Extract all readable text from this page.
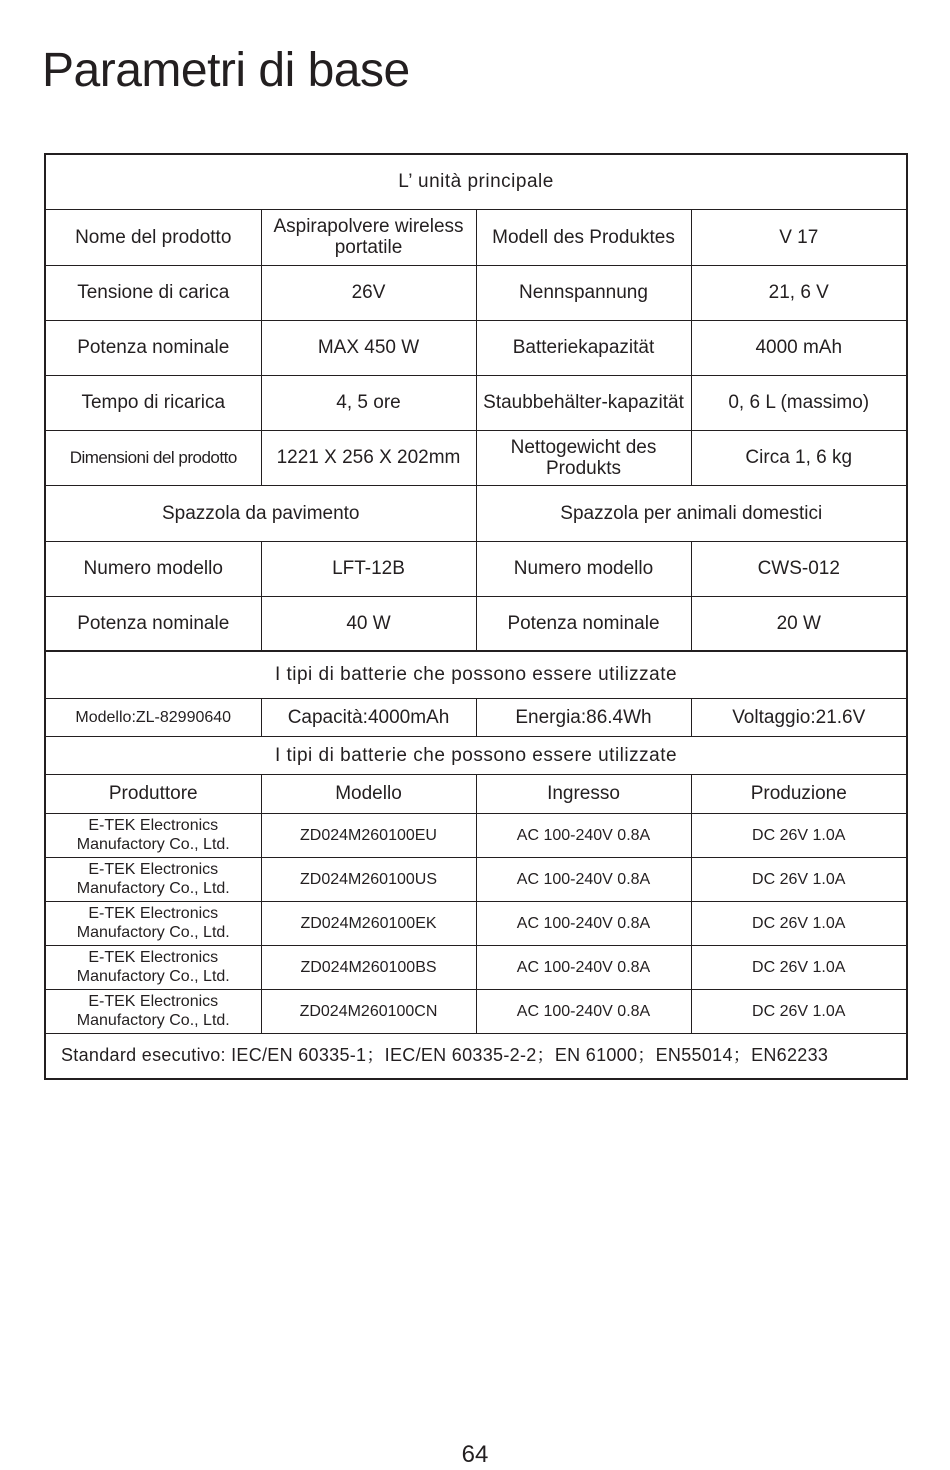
Parametri di base
L’ unità principale			
Nome del prodotto	Aspirapolvere wireless portatile	Modell des Produktes	V 17
Tensione di carica	26V	Nennspannung	21, 6 V
Potenza nominale	MAX 450 W	Batteriekapazität	4000 mAh
Tempo di ricarica	4, 5 ore	Staubbehälter-kapazität	0, 6 L (massimo)
Dimensioni del prodotto	1221 X 256 X 202mm	Nettogewicht des Produkts	Circa 1, 6 kg
Spazzola da pavimento		Spazzola per animali domestici	
Numero modello	LFT-12B	Numero modello	CWS-012
Potenza nominale	40 W	Potenza nominale	20 W
I tipi di batterie che possono essere utilizzate			
Modello:ZL-82990640	Capacità:4000mAh	Energia:86.4Wh	Voltaggio:21.6V
I tipi di batterie che possono essere utilizzate			
Produttore	Modello	Ingresso	Produzione
E-TEK Electronics Manufactory Co., Ltd.	ZD024M260100EU	AC 100-240V 0.8A	DC 26V 1.0A
E-TEK Electronics Manufactory Co., Ltd.	ZD024M260100US	AC 100-240V 0.8A	DC 26V 1.0A
E-TEK Electronics Manufactory Co., Ltd.	ZD024M260100EK	AC 100-240V 0.8A	DC 26V 1.0A
E-TEK Electronics Manufactory Co., Ltd.	ZD024M260100BS	AC 100-240V 0.8A	DC 26V 1.0A
E-TEK Electronics Manufactory Co., Ltd.	ZD024M260100CN	AC 100-240V 0.8A	DC 26V 1.0A
Standard esecutivo: IEC/EN 60335-1；IEC/EN 60335-2-2；EN 61000；EN55014；EN62233			
64
